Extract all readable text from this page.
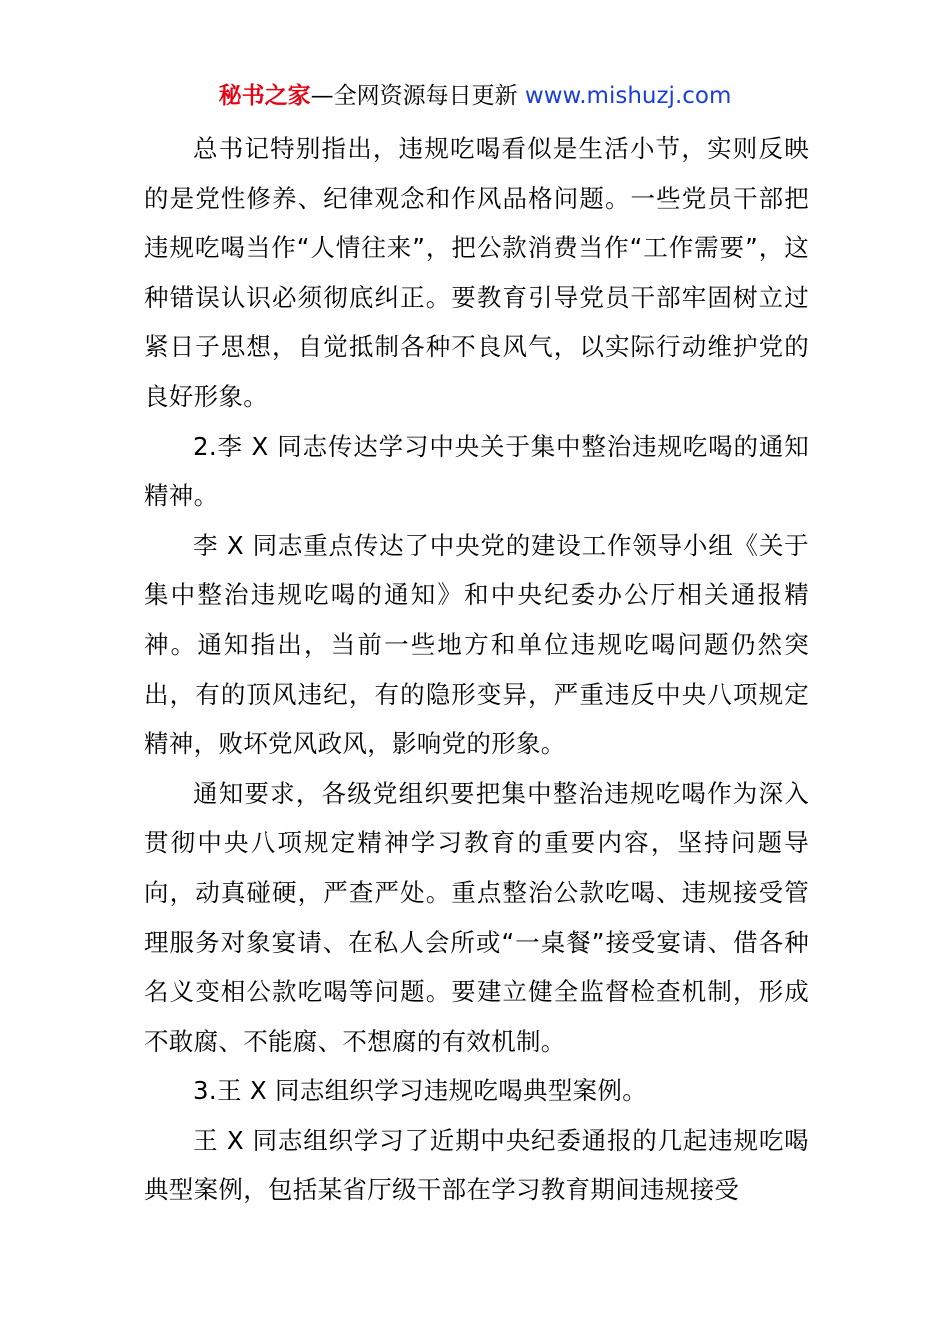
秘书之家—全网资源每日更新 www.mishuzj.com

总书记特别指出，违规吃喝看似是生活小节，实则反映的是党性修养、纪律观念和作风品格问题。一些党员干部把违规吃喝当作“人情往来”，把公款消费当作“工作需要”，这种错误认识必须彻底纠正。要教育引导党员干部牢固树立过紧日子思想，自觉抵制各种不良风气，以实际行动维护党的良好形象。

2.李 X 同志传达学习中央关于集中整治违规吃喝的通知精神。

李 X 同志重点传达了中央党的建设工作领导小组《关于集中整治违规吃喝的通知》和中央纪委办公厅相关通报精神。通知指出，当前一些地方和单位违规吃喝问题仍然突出，有的顶风违纪，有的隐形变异，严重违反中央八项规定精神，败坏党风政风，影响党的形象。

通知要求，各级党组织要把集中整治违规吃喝作为深入贯彻中央八项规定精神学习教育的重要内容，坚持问题导向，动真碰硬，严查严处。重点整治公款吃喝、违规接受管理服务对象宴请、在私人会所或“一桌餐”接受宴请、借各种名义变相公款吃喝等问题。要建立健全监督检查机制，形成不敢腐、不能腐、不想腐的有效机制。

3.王 X 同志组织学习违规吃喝典型案例。

王 X 同志组织学习了近期中央纪委通报的几起违规吃喝典型案例，包括某省厅级干部在学习教育期间违规接受
